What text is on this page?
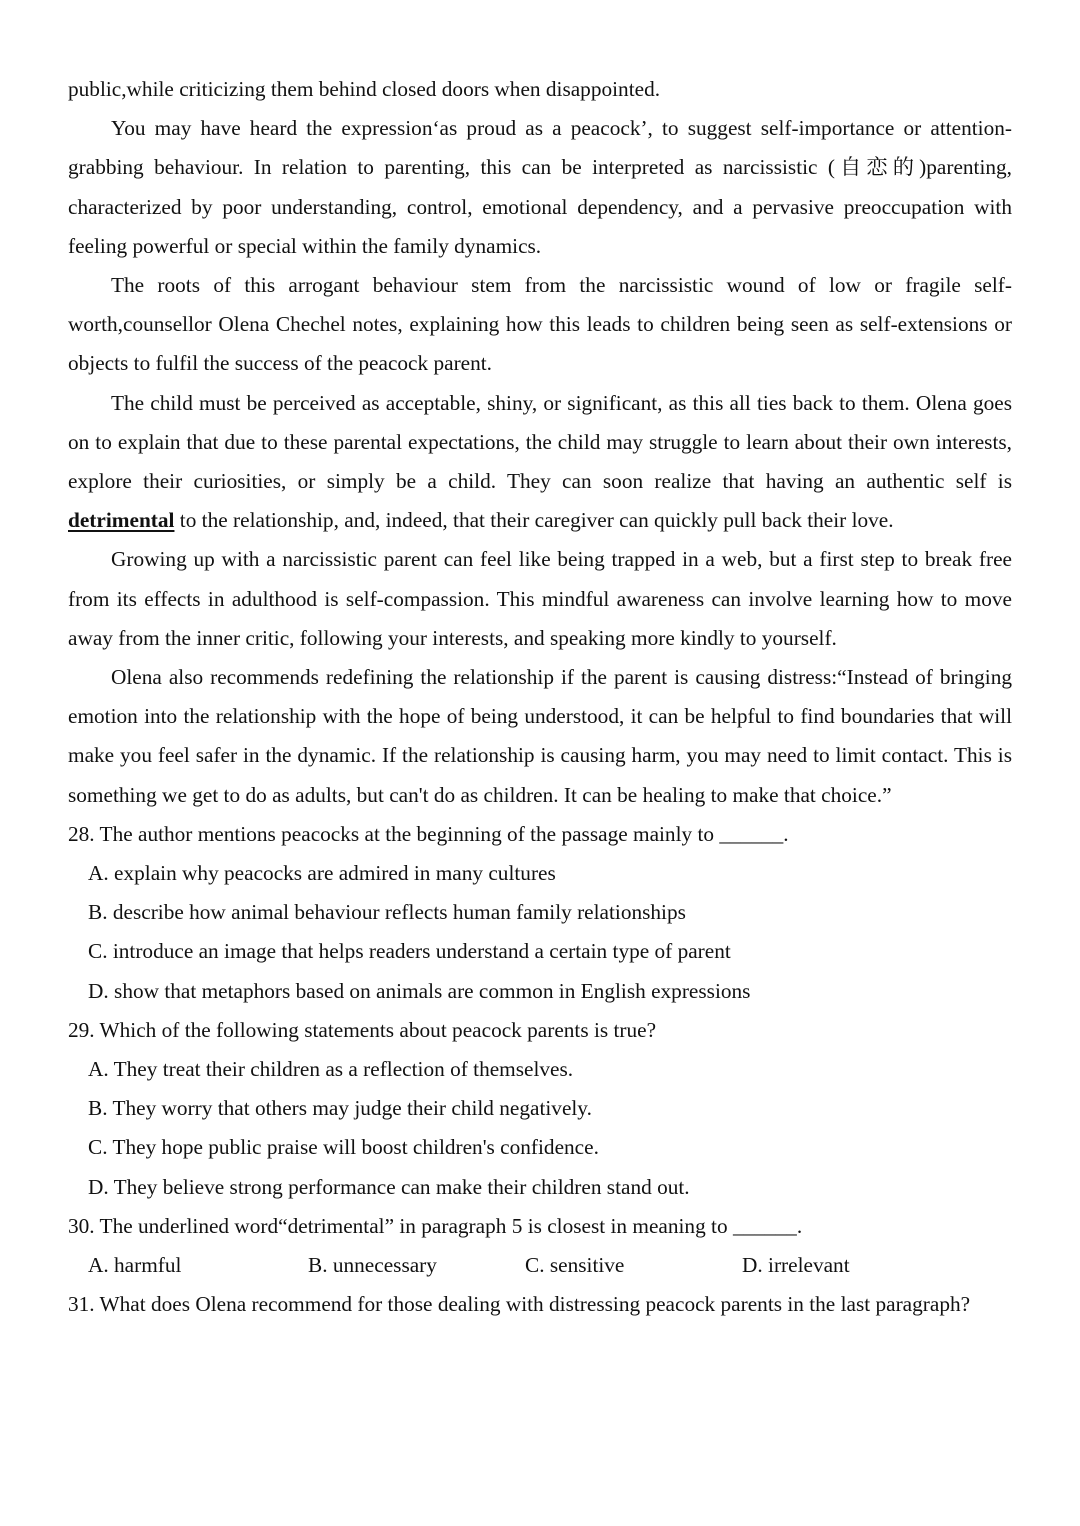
public,while criticizing them behind closed doors when disappointed.

You may have heard the expression‘as proud as a peacock’, to suggest self-importance or attention-grabbing behaviour. In relation to parenting, this can be interpreted as narcissistic (自恋的)parenting, characterized by poor understanding, control, emotional dependency, and a pervasive preoccupation with feeling powerful or special within the family dynamics.

The roots of this arrogant behaviour stem from the narcissistic wound of low or fragile self-worth,counsellor Olena Chechel notes, explaining how this leads to children being seen as self-extensions or objects to fulfil the success of the peacock parent.

The child must be perceived as acceptable, shiny, or significant, as this all ties back to them. Olena goes on to explain that due to these parental expectations, the child may struggle to learn about their own interests, explore their curiosities, or simply be a child. They can soon realize that having an authentic self is detrimental to the relationship, and, indeed, that their caregiver can quickly pull back their love.

Growing up with a narcissistic parent can feel like being trapped in a web, but a first step to break free from its effects in adulthood is self-compassion. This mindful awareness can involve learning how to move away from the inner critic, following your interests, and speaking more kindly to yourself.

Olena also recommends redefining the relationship if the parent is causing distress:“Instead of bringing emotion into the relationship with the hope of being understood, it can be helpful to find boundaries that will make you feel safer in the dynamic. If the relationship is causing harm, you may need to limit contact. This is something we get to do as adults, but can't do as children. It can be healing to make that choice.”

28. The author mentions peacocks at the beginning of the passage mainly to ______.

A. explain why peacocks are admired in many cultures

B. describe how animal behaviour reflects human family relationships

C. introduce an image that helps readers understand a certain type of parent

D. show that metaphors based on animals are common in English expressions

29. Which of the following statements about peacock parents is true?

A. They treat their children as a reflection of themselves.

B. They worry that others may judge their child negatively.

C. They hope public praise will boost children's confidence.

D. They believe strong performance can make their children stand out.

30. The underlined word“detrimental” in paragraph 5 is closest in meaning to ______.

A. harmful	B. unnecessary	C. sensitive	D. irrelevant

31. What does Olena recommend for those dealing with distressing peacock parents in the last paragraph?
